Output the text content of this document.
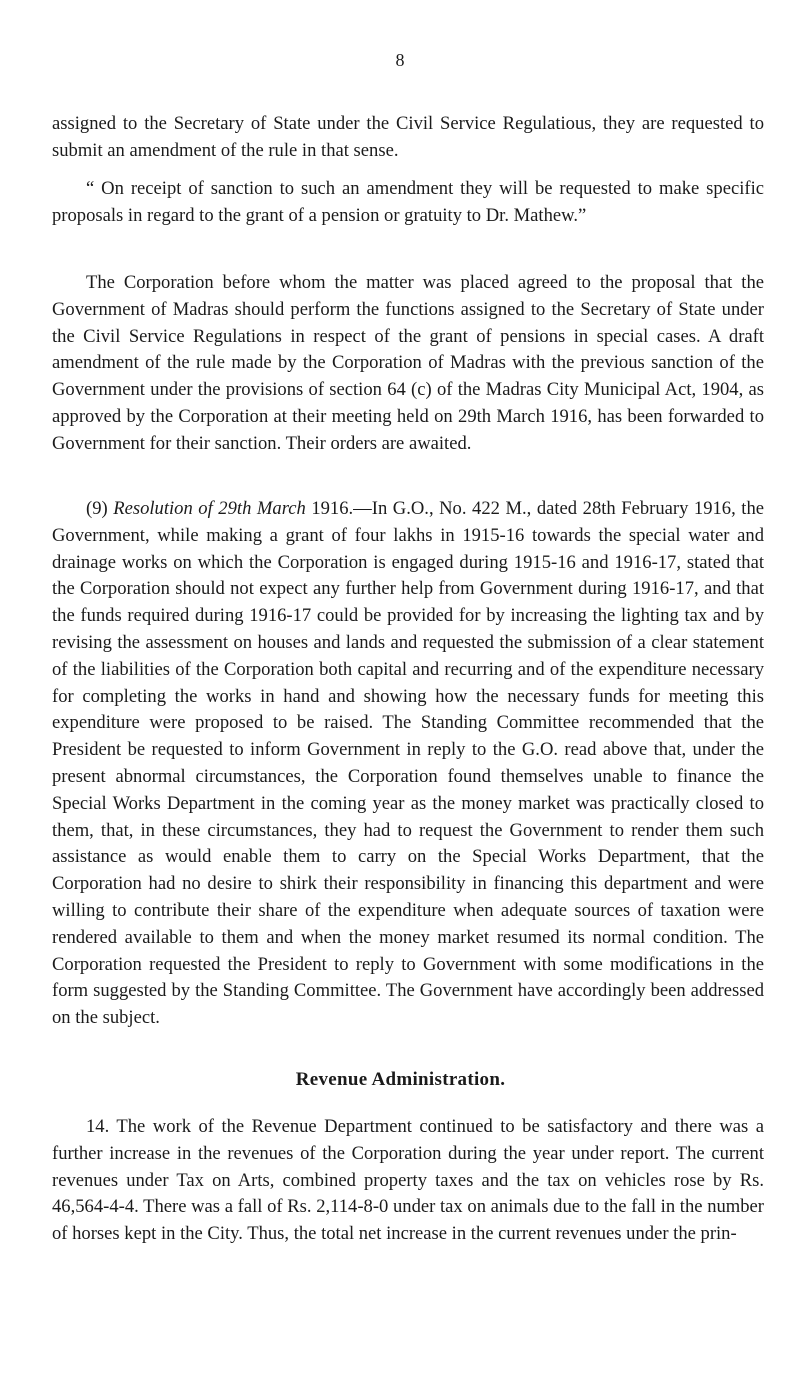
8

assigned to the Secretary of State under the Civil Service Regulatious, they are requested to submit an amendment of the rule in that sense.

“ On receipt of sanction to such an amendment they will be requested to make specific proposals in regard to the grant of a pension or gratuity to Dr. Mathew.”

The Corporation before whom the matter was placed agreed to the proposal that the Government of Madras should perform the functions assigned to the Secretary of State under the Civil Service Regulations in respect of the grant of pensions in special cases. A draft amendment of the rule made by the Corporation of Madras with the previous sanction of the Government under the provisions of section 64 (c) of the Madras City Municipal Act, 1904, as approved by the Corporation at their meeting held on 29th March 1916, has been forwarded to Government for their sanction. Their orders are awaited.

(9) Resolution of 29th March 1916.—In G.O., No. 422 M., dated 28th February 1916, the Government, while making a grant of four lakhs in 1915-16 towards the special water and drainage works on which the Corporation is engaged during 1915-16 and 1916-17, stated that the Corporation should not expect any further help from Government during 1916-17, and that the funds required during 1916-17 could be provided for by increasing the lighting tax and by revising the assessment on houses and lands and requested the submission of a clear statement of the liabilities of the Corporation both capital and recurring and of the expenditure necessary for completing the works in hand and showing how the necessary funds for meeting this expenditure were proposed to be raised. The Standing Committee recommended that the President be requested to inform Government in reply to the G.O. read above that, under the present abnormal circumstances, the Corporation found themselves unable to finance the Special Works Department in the coming year as the money market was practically closed to them, that, in these circumstances, they had to request the Government to render them such assistance as would enable them to carry on the Special Works Department, that the Corporation had no desire to shirk their responsibility in financing this department and were willing to contribute their share of the expenditure when adequate sources of taxation were rendered available to them and when the money market resumed its normal condition. The Corporation requested the President to reply to Government with some modifications in the form suggested by the Standing Committee. The Government have accordingly been addressed on the subject.

Revenue Administration.

14. The work of the Revenue Department continued to be satisfactory and there was a further increase in the revenues of the Corporation during the year under report. The current revenues under Tax on Arts, combined property taxes and the tax on vehicles rose by Rs. 46,564-4-4. There was a fall of Rs. 2,114-8-0 under tax on animals due to the fall in the number of horses kept in the City. Thus, the total net increase in the current revenues under the prin-
